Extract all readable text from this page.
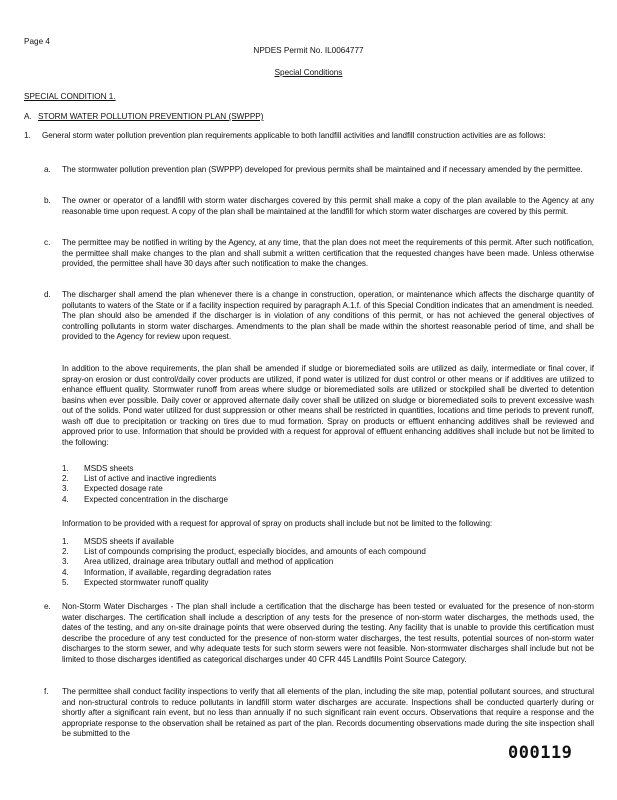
Page 4
NPDES Permit No. IL0064777
Special Conditions
SPECIAL CONDITION 1.
A. STORM WATER POLLUTION PREVENTION PLAN (SWPPP)
1. General storm water pollution prevention plan requirements applicable to both landfill activities and landfill construction activities are as follows:
a. The stormwater pollution prevention plan (SWPPP) developed for previous permits shall be maintained and if necessary amended by the permittee.
b. The owner or operator of a landfill with storm water discharges covered by this permit shall make a copy of the plan available to the Agency at any reasonable time upon request. A copy of the plan shall be maintained at the landfill for which storm water discharges are covered by this permit.
c. The permittee may be notified in writing by the Agency, at any time, that the plan does not meet the requirements of this permit. After such notification, the permittee shall make changes to the plan and shall submit a written certification that the requested changes have been made. Unless otherwise provided, the permittee shall have 30 days after such notification to make the changes.
d. The discharger shall amend the plan whenever there is a change in construction, operation, or maintenance which affects the discharge quantity of pollutants to waters of the State or if a facility inspection required by paragraph A.1.f. of this Special Condition indicates that an amendment is needed. The plan should also be amended if the discharger is in violation of any conditions of this permit, or has not achieved the general objectives of controlling pollutants in storm water discharges. Amendments to the plan shall be made within the shortest reasonable period of time, and shall be provided to the Agency for review upon request.
In addition to the above requirements, the plan shall be amended if sludge or bioremediated soils are utilized as daily, intermediate or final cover, if spray-on erosion or dust control/daily cover products are utilized, if pond water is utilized for dust control or other means or if additives are utilized to enhance effluent quality. Stormwater runoff from areas where sludge or bioremediated soils are utilized or stockpiled shall be diverted to detention basins when ever possible. Daily cover or approved alternate daily cover shall be utilized on sludge or bioremediated soils to prevent excessive wash out of the solids. Pond water utilized for dust suppression or other means shall be restricted in quantities, locations and time periods to prevent runoff, wash off due to precipitation or tracking on tires due to mud formation. Spray on products or effluent enhancing additives shall be reviewed and approved prior to use. Information that should be provided with a request for approval of effluent enhancing additives shall include but not be limited to the following:
1.	MSDS sheets
2.	List of active and inactive ingredients
3.	Expected dosage rate
4.	Expected concentration in the discharge
Information to be provided with a request for approval of spray on products shall include but not be limited to the following:
1.	MSDS sheets if available
2.	List of compounds comprising the product, especially biocides, and amounts of each compound
3.	Area utilized, drainage area tributary outfall and method of application
4.	Information, if available, regarding degradation rates
5.	Expected stormwater runoff quality
e. Non-Storm Water Discharges - The plan shall include a certification that the discharge has been tested or evaluated for the presence of non-storm water discharges. The certification shall include a description of any tests for the presence of non-storm water discharges, the methods used, the dates of the testing, and any on-site drainage points that were observed during the testing. Any facility that is unable to provide this certification must describe the procedure of any test conducted for the presence of non-storm water discharges, the test results, potential sources of non-storm water discharges to the storm sewer, and why adequate tests for such storm sewers were not feasible. Non-stormwater discharges shall include but not be limited to those discharges identified as categorical discharges under 40 CFR 445 Landfills Point Source Category.
f. The permittee shall conduct facility inspections to verify that all elements of the plan, including the site map, potential pollutant sources, and structural and non-structural controls to reduce pollutants in landfill storm water discharges are accurate. Inspections shall be conducted quarterly during or shortly after a significant rain event, but no less than annually if no such significant rain event occurs. Observations that require a response and the appropriate response to the observation shall be retained as part of the plan. Records documenting observations made during the site inspection shall be submitted to the
000119
